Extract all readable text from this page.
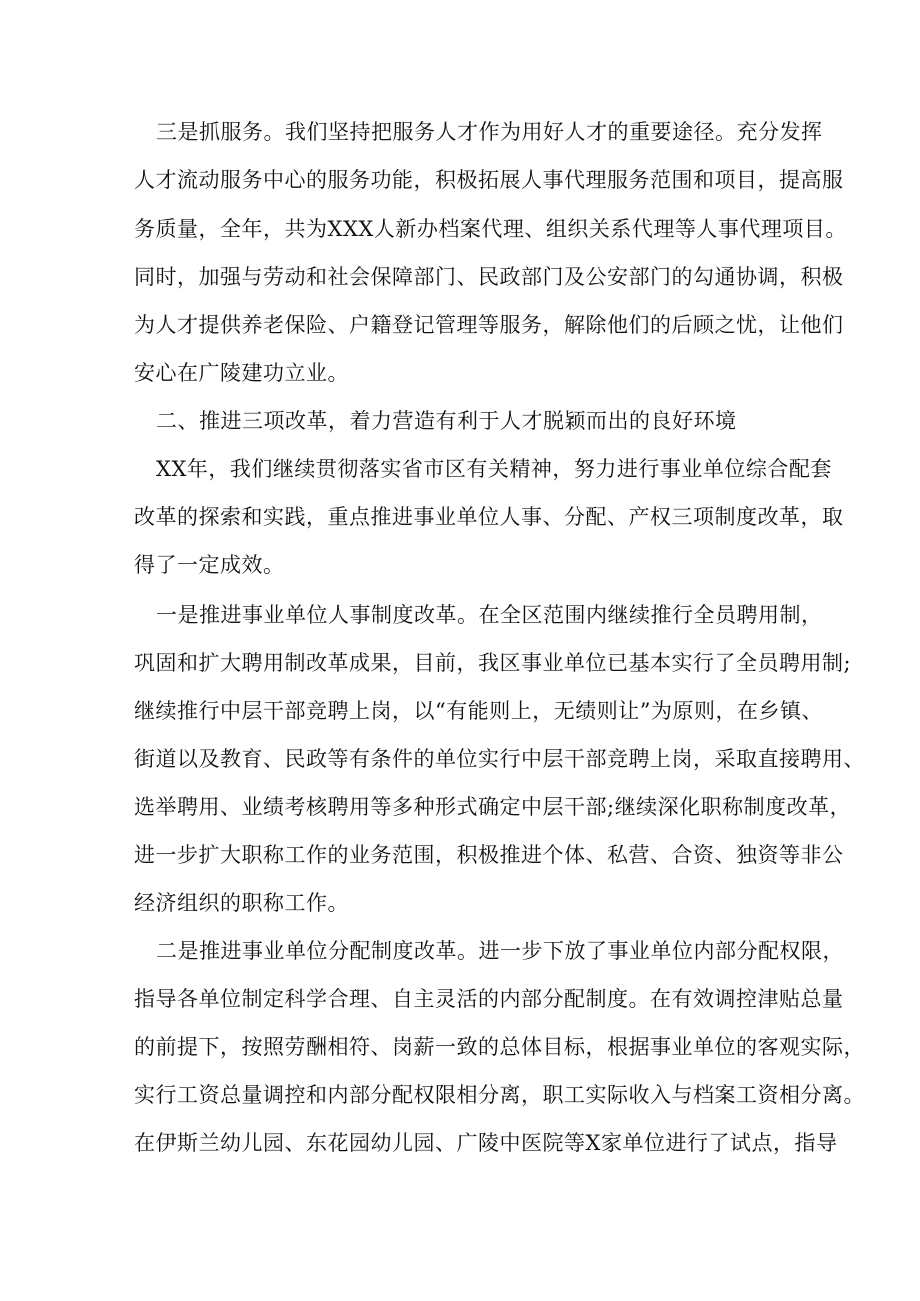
三是抓服务。我们坚持把服务人才作为用好人才的重要途径。充分发挥
人才流动服务中心的服务功能，积极拓展人事代理服务范围和项目，提高服
务质量，全年，共为XXX人新办档案代理、组织关系代理等人事代理项目。
同时，加强与劳动和社会保障部门、民政部门及公安部门的勾通协调，积极
为人才提供养老保险、户籍登记管理等服务，解除他们的后顾之忧，让他们
安心在广陵建功立业。
二、推进三项改革，着力营造有利于人才脱颖而出的良好环境
XX年，我们继续贯彻落实省市区有关精神，努力进行事业单位综合配套
改革的探索和实践，重点推进事业单位人事、分配、产权三项制度改革，取
得了一定成效。
一是推进事业单位人事制度改革。在全区范围内继续推行全员聘用制，
巩固和扩大聘用制改革成果，目前，我区事业单位已基本实行了全员聘用制;
继续推行中层干部竞聘上岗，以“有能则上，无绩则让”为原则，在乡镇、
街道以及教育、民政等有条件的单位实行中层干部竞聘上岗，采取直接聘用、
选举聘用、业绩考核聘用等多种形式确定中层干部;继续深化职称制度改革，
进一步扩大职称工作的业务范围，积极推进个体、私营、合资、独资等非公
经济组织的职称工作。
二是推进事业单位分配制度改革。进一步下放了事业单位内部分配权限，
指导各单位制定科学合理、自主灵活的内部分配制度。在有效调控津贴总量
的前提下，按照劳酬相符、岗薪一致的总体目标，根据事业单位的客观实际，
实行工资总量调控和内部分配权限相分离，职工实际收入与档案工资相分离。
在伊斯兰幼儿园、东花园幼儿园、广陵中医院等X家单位进行了试点，指导
